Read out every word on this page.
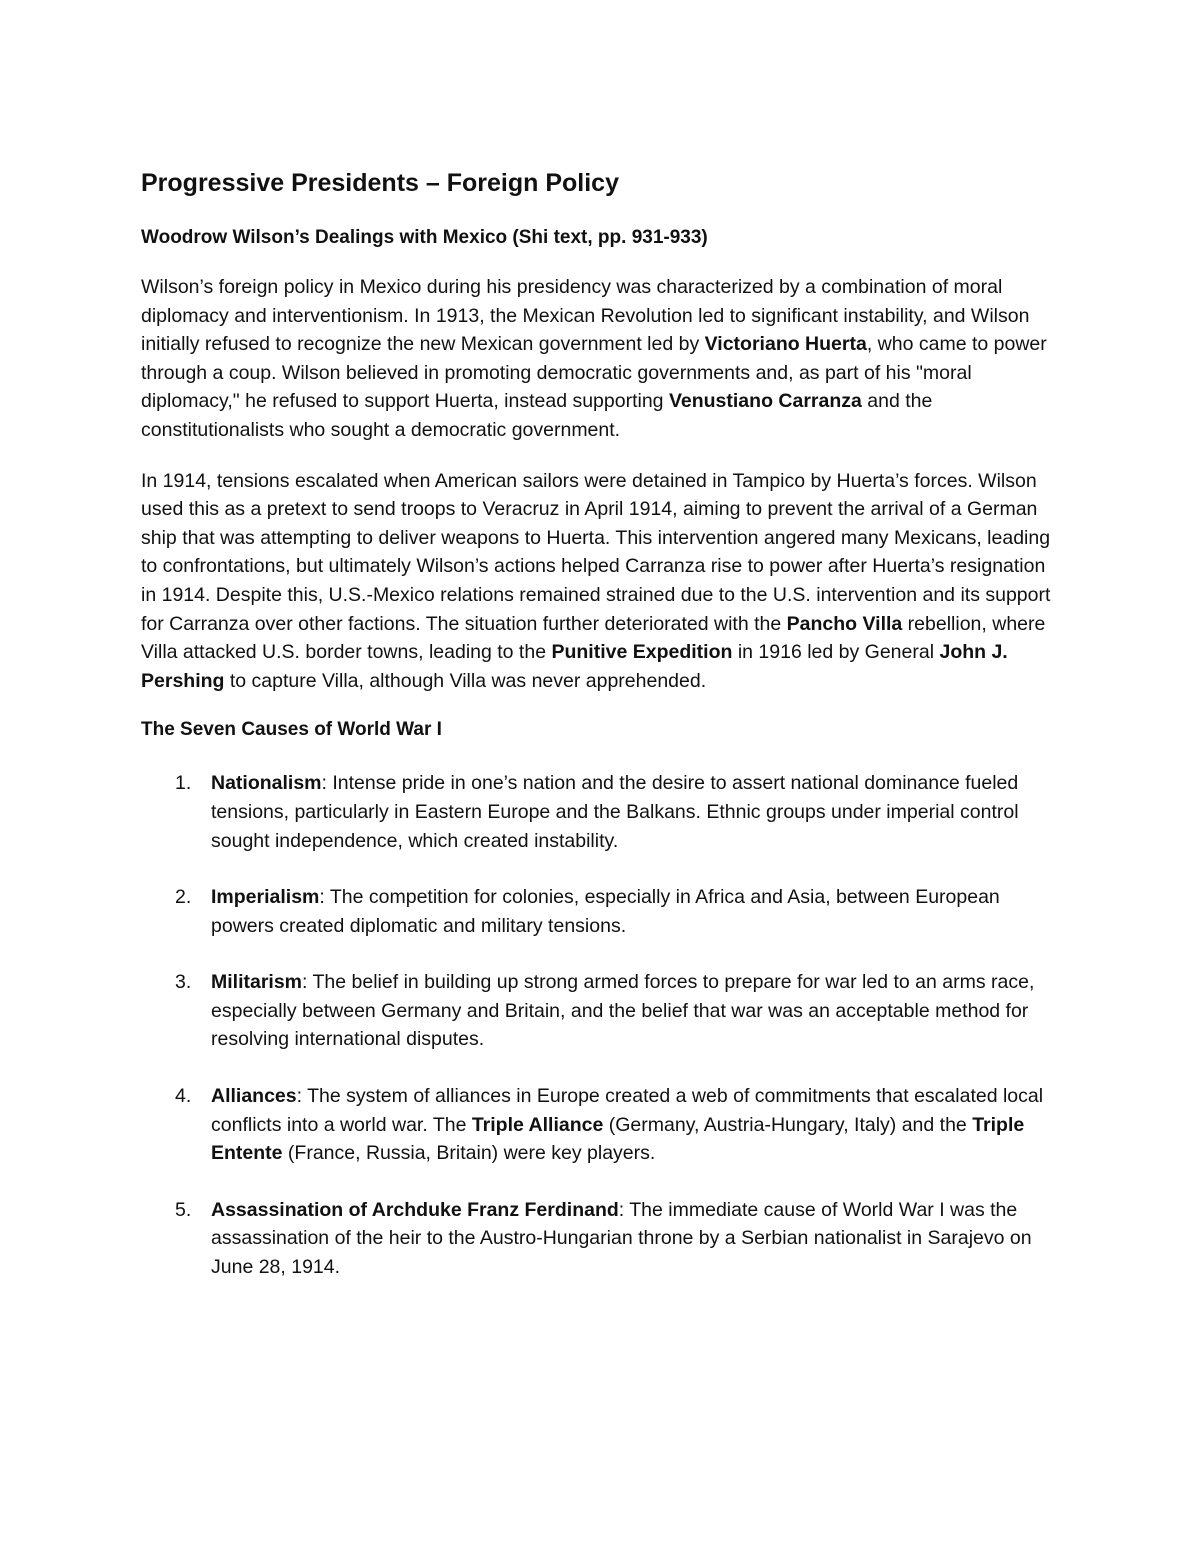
Progressive Presidents – Foreign Policy
Woodrow Wilson’s Dealings with Mexico (Shi text, pp. 931-933)

Wilson’s foreign policy in Mexico during his presidency was characterized by a combination of moral diplomacy and interventionism. In 1913, the Mexican Revolution led to significant instability, and Wilson initially refused to recognize the new Mexican government led by Victoriano Huerta, who came to power through a coup. Wilson believed in promoting democratic governments and, as part of his "moral diplomacy," he refused to support Huerta, instead supporting Venustiano Carranza and the constitutionalists who sought a democratic government.

In 1914, tensions escalated when American sailors were detained in Tampico by Huerta’s forces. Wilson used this as a pretext to send troops to Veracruz in April 1914, aiming to prevent the arrival of a German ship that was attempting to deliver weapons to Huerta. This intervention angered many Mexicans, leading to confrontations, but ultimately Wilson’s actions helped Carranza rise to power after Huerta’s resignation in 1914. Despite this, U.S.-Mexico relations remained strained due to the U.S. intervention and its support for Carranza over other factions. The situation further deteriorated with the Pancho Villa rebellion, where Villa attacked U.S. border towns, leading to the Punitive Expedition in 1916 led by General John J. Pershing to capture Villa, although Villa was never apprehended.

The Seven Causes of World War I
1. Nationalism: Intense pride in one’s nation and the desire to assert national dominance fueled tensions, particularly in Eastern Europe and the Balkans. Ethnic groups under imperial control sought independence, which created instability.
2. Imperialism: The competition for colonies, especially in Africa and Asia, between European powers created diplomatic and military tensions.
3. Militarism: The belief in building up strong armed forces to prepare for war led to an arms race, especially between Germany and Britain, and the belief that war was an acceptable method for resolving international disputes.
4. Alliances: The system of alliances in Europe created a web of commitments that escalated local conflicts into a world war. The Triple Alliance (Germany, Austria-Hungary, Italy) and the Triple Entente (France, Russia, Britain) were key players.
5. Assassination of Archduke Franz Ferdinand: The immediate cause of World War I was the assassination of the heir to the Austro-Hungarian throne by a Serbian nationalist in Sarajevo on June 28, 1914.
